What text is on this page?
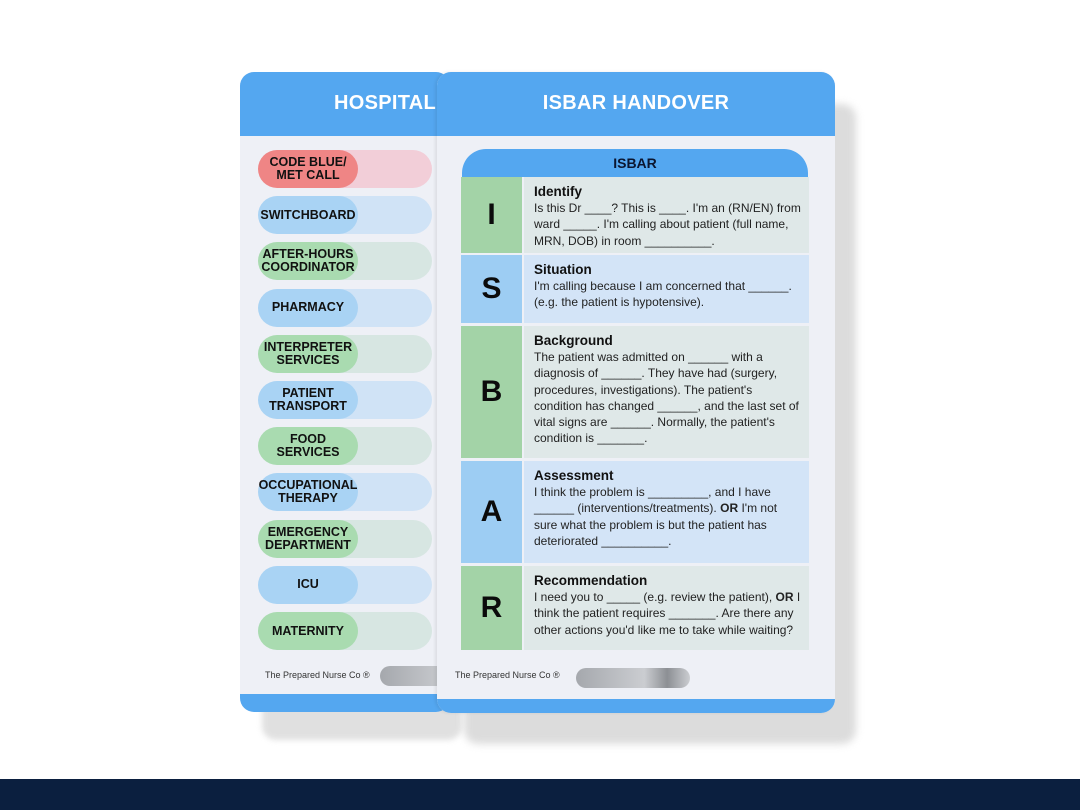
HOSPITAL
CODE BLUE/ MET CALL
SWITCHBOARD
AFTER-HOURS COORDINATOR
PHARMACY
INTERPRETER SERVICES
PATIENT TRANSPORT
FOOD SERVICES
OCCUPATIONAL THERAPY
EMERGENCY DEPARTMENT
ICU
MATERNITY
The Prepared Nurse Co ®
ISBAR HANDOVER
ISBAR
I
Identify
Is this Dr ____? This is ____. I'm an (RN/EN) from ward _____. I'm calling about patient (full name, MRN, DOB) in room __________.
S
Situation
I'm calling because I am concerned that ______. (e.g. the patient is hypotensive).
B
Background
The patient was admitted on ______ with a diagnosis of ______. They have had (surgery, procedures, investigations). The patient's condition has changed ______, and the last set of vital signs are ______. Normally, the patient's condition is _______.
A
Assessment
I think the problem is _________, and I have ______ (interventions/treatments). OR I'm not sure what the problem is but the patient has deteriorated __________.
R
Recommendation
I need you to _____ (e.g. review the patient), OR I think the patient requires _______. Are there any other actions you'd like me to take while waiting?
The Prepared Nurse Co ®
